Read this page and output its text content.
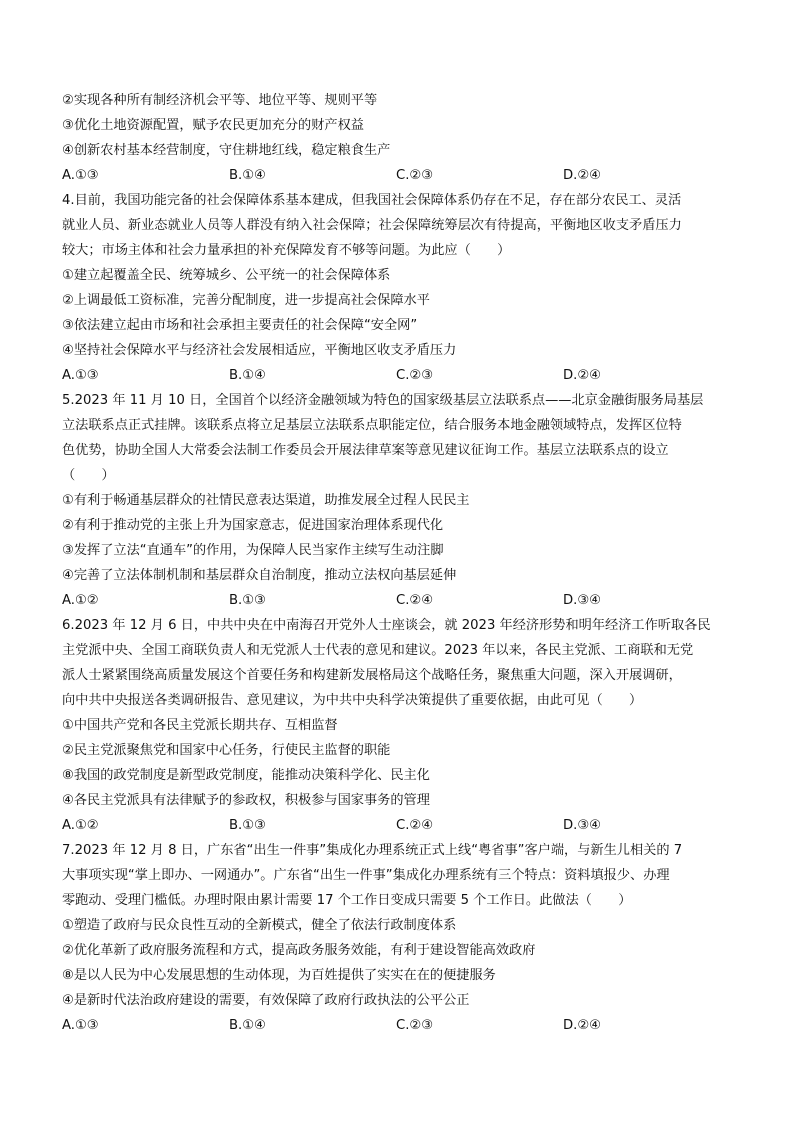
②实现各种所有制经济机会平等、地位平等、规则平等
③优化土地资源配置，赋予农民更加充分的财产权益
④创新农村基本经营制度，守住耕地红线，稳定粮食生产
A.①③	B.①④	C.②③	D.②④
4.目前，我国功能完备的社会保障体系基本建成，但我国社会保障体系仍存在不足，存在部分农民工、灵活
就业人员、新业态就业人员等人群没有纳入社会保障；社会保障统筹层次有待提高，平衡地区收支矛盾压力
较大；市场主体和社会力量承担的补充保障发育不够等问题。为此应（　　）
①建立起覆盖全民、统筹城乡、公平统一的社会保障体系
②上调最低工资标准，完善分配制度，进一步提高社会保障水平
③依法建立起由市场和社会承担主要责任的社会保障“安全网”
④坚持社会保障水平与经济社会发展相适应，平衡地区收支矛盾压力
A.①③	B.①④	C.②③	D.②④
5.2023 年 11 月 10 日，全国首个以经济金融领域为特色的国家级基层立法联系点——北京金融街服务局基层
立法联系点正式挂牌。该联系点将立足基层立法联系点职能定位，结合服务本地金融领域特点，发挥区位特
色优势，协助全国人大常委会法制工作委员会开展法律草案等意见建议征询工作。基层立法联系点的设立
（　　）
①有利于畅通基层群众的社情民意表达渠道，助推发展全过程人民民主
②有利于推动党的主张上升为国家意志，促进国家治理体系现代化
③发挥了立法“直通车”的作用，为保障人民当家作主续写生动注脚
④完善了立法体制机制和基层群众自治制度，推动立法权向基层延伸
A.①②	B.①③	C.②④	D.③④
6.2023 年 12 月 6 日，中共中央在中南海召开党外人士座谈会，就 2023 年经济形势和明年经济工作听取各民
主党派中央、全国工商联负责人和无党派人士代表的意见和建议。2023 年以来，各民主党派、工商联和无党
派人士紧紧围绕高质量发展这个首要任务和构建新发展格局这个战略任务，聚焦重大问题，深入开展调研，
向中共中央报送各类调研报告、意见建议，为中共中央科学决策提供了重要依据，由此可见（　　）
①中国共产党和各民主党派长期共存、互相监督
②民主党派聚焦党和国家中心任务，行使民主监督的职能
⑧我国的政党制度是新型政党制度，能推动决策科学化、民主化
④各民主党派具有法律赋予的参政权，积极参与国家事务的管理
A.①②	B.①③	C.②④	D.③④
7.2023 年 12 月 8 日，广东省“出生一件事”集成化办理系统正式上线“粤省事”客户端，与新生儿相关的 7
大事项实现“掌上即办、一网通办”。广东省“出生一件事”集成化办理系统有三个特点：资料填报少、办理
零跑动、受理门槛低。办理时限由累计需要 17 个工作日变成只需要 5 个工作日。此做法（　　）
①塑造了政府与民众良性互动的全新模式，健全了依法行政制度体系
②优化革新了政府服务流程和方式，提高政务服务效能，有利于建设智能高效政府
⑧是以人民为中心发展思想的生动体现，为百姓提供了实实在在的便捷服务
④是新时代法治政府建设的需要，有效保障了政府行政执法的公平公正
A.①③	B.①④	C.②③	D.②④
